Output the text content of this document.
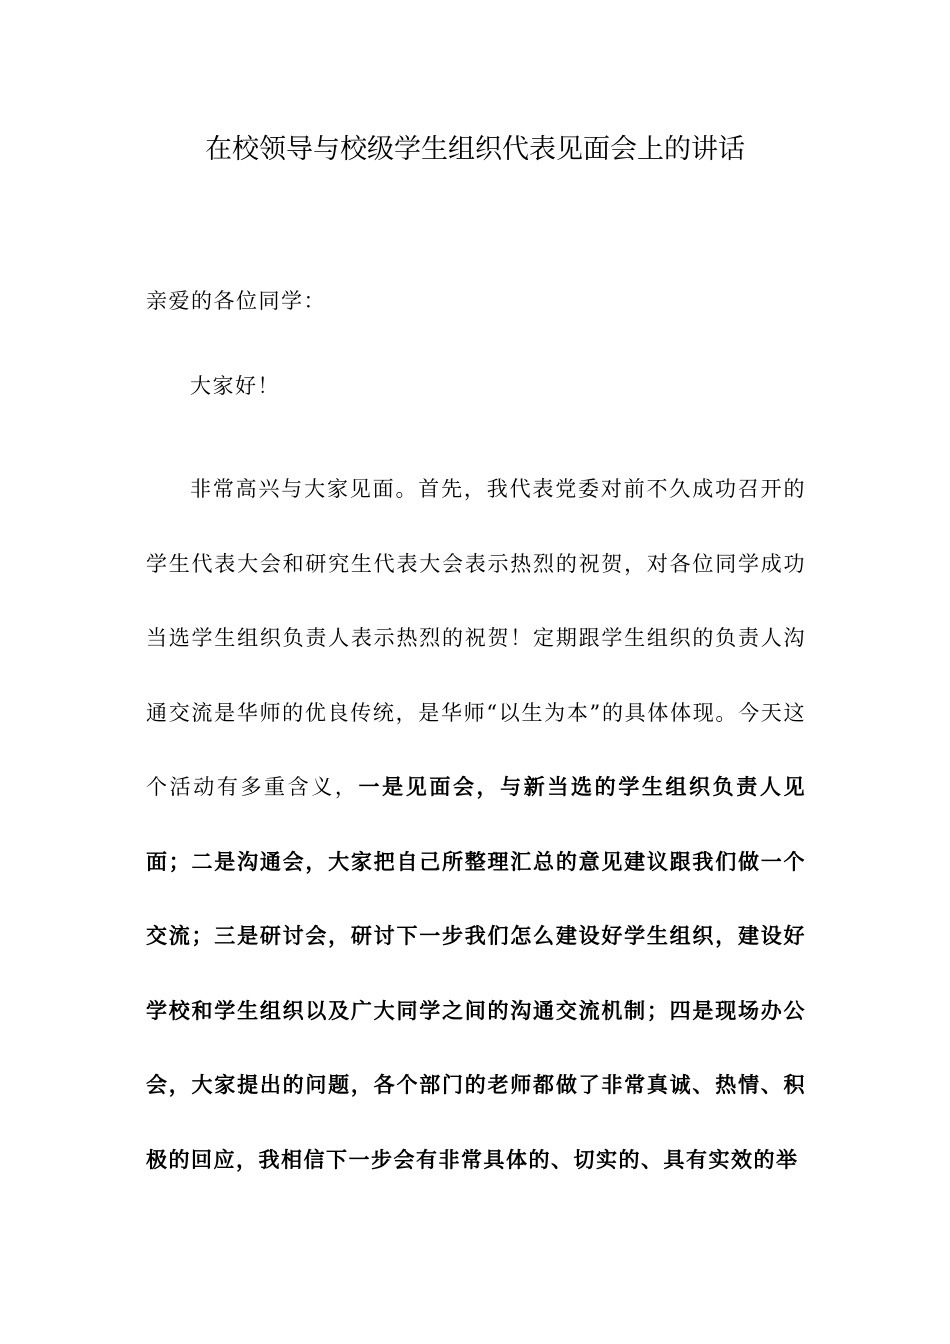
在校领导与校级学生组织代表见面会上的讲话
亲爱的各位同学：
大家好！
非常高兴与大家见面。首先，我代表党委对前不久成功召开的学生代表大会和研究生代表大会表示热烈的祝贺，对各位同学成功当选学生组织负责人表示热烈的祝贺！定期跟学生组织的负责人沟通交流是华师的优良传统，是华师“以生为本”的具体体现。今天这个活动有多重含义，一是见面会，与新当选的学生组织负责人见面；二是沟通会，大家把自己所整理汇总的意见建议跟我们做一个交流；三是研讨会，研讨下一步我们怎么建设好学生组织，建设好学校和学生组织以及广大同学之间的沟通交流机制；四是现场办公会，大家提出的问题，各个部门的老师都做了非常真诚、热情、积极的回应，我相信下一步会有非常具体的、切实的、具有实效的举
